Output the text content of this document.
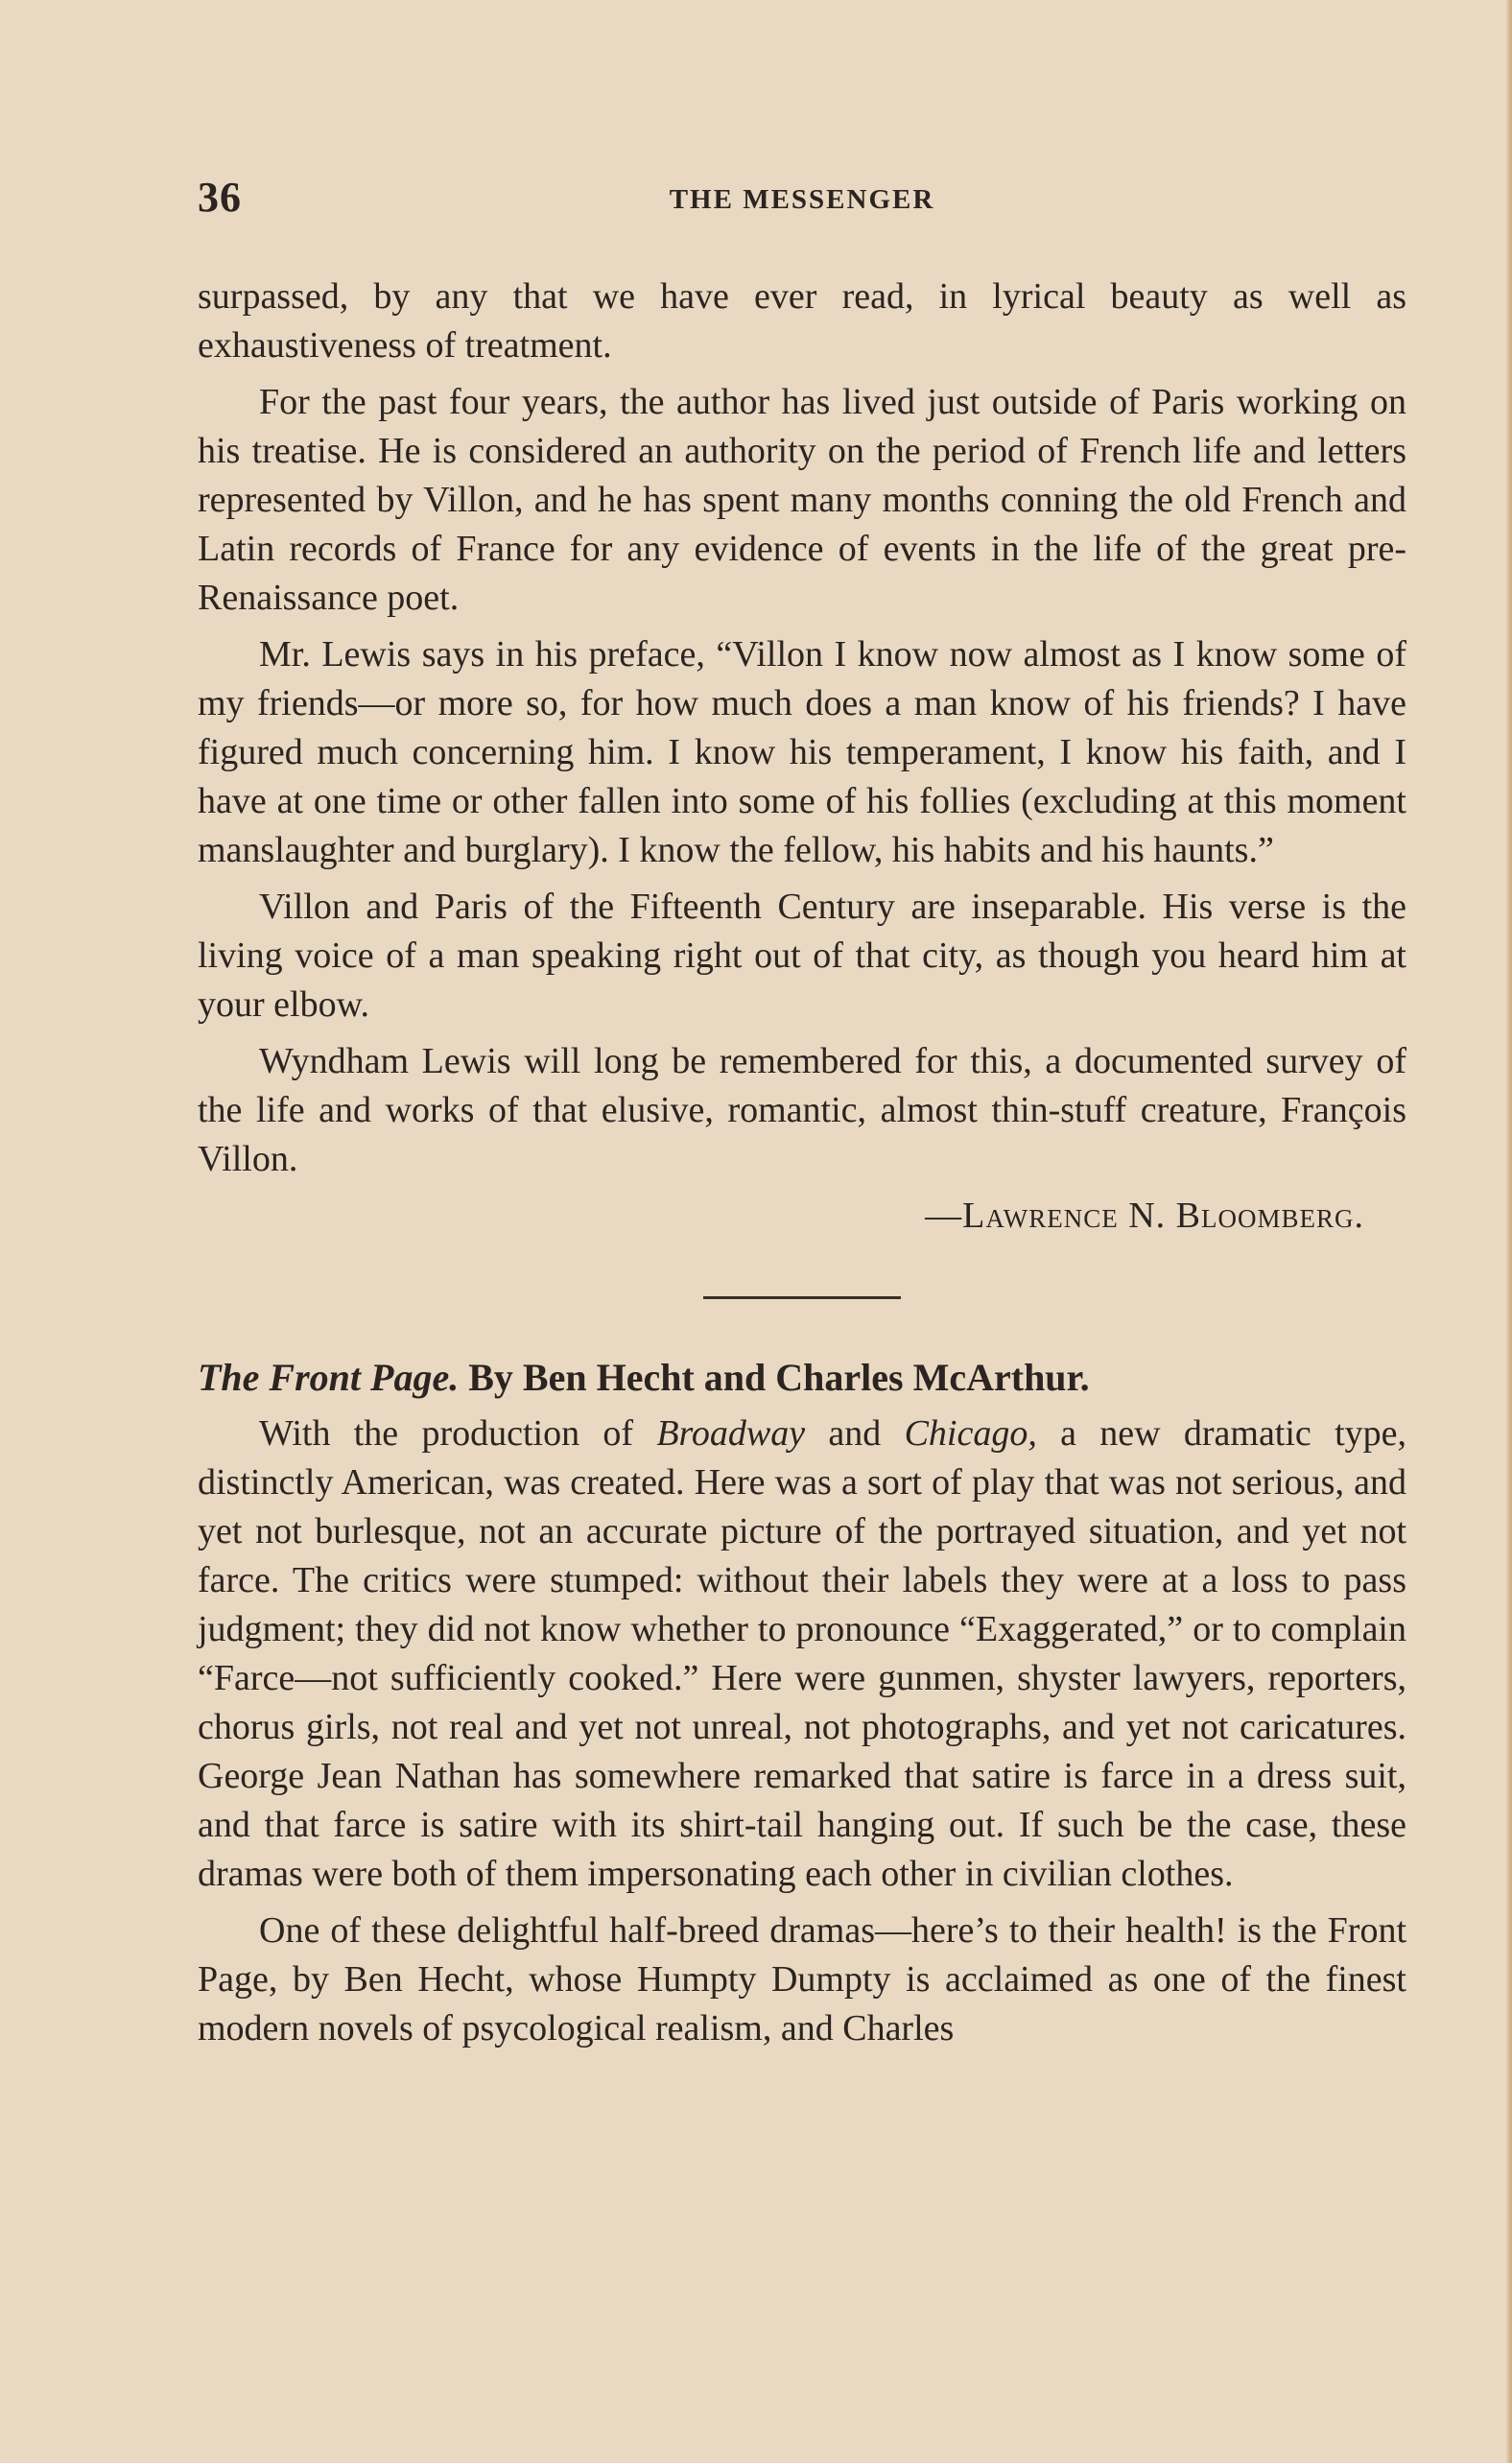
36	THE MESSENGER

surpassed, by any that we have ever read, in lyrical beauty as well as exhaustiveness of treatment.

For the past four years, the author has lived just outside of Paris working on his treatise. He is considered an authority on the period of French life and letters represented by Villon, and he has spent many months conning the old French and Latin records of France for any evidence of events in the life of the great pre-Renaissance poet.

Mr. Lewis says in his preface, “Villon I know now almost as I know some of my friends—or more so, for how much does a man know of his friends? I have figured much concerning him. I know his temperament, I know his faith, and I have at one time or other fallen into some of his follies (excluding at this moment manslaughter and burglary). I know the fellow, his habits and his haunts.”

Villon and Paris of the Fifteenth Century are inseparable. His verse is the living voice of a man speaking right out of that city, as though you heard him at your elbow.

Wyndham Lewis will long be remembered for this, a documented survey of the life and works of that elusive, romantic, almost thin-stuff creature, François Villon.

—Lawrence N. Bloomberg.

The Front Page. By Ben Hecht and Charles McArthur.

With the production of Broadway and Chicago, a new dramatic type, distinctly American, was created. Here was a sort of play that was not serious, and yet not burlesque, not an accurate picture of the portrayed situation, and yet not farce. The critics were stumped: without their labels they were at a loss to pass judgment; they did not know whether to pronounce “Exaggerated,” or to complain “Farce—not sufficiently cooked.” Here were gunmen, shyster lawyers, reporters, chorus girls, not real and yet not unreal, not photographs, and yet not caricatures. George Jean Nathan has somewhere remarked that satire is farce in a dress suit, and that farce is satire with its shirt-tail hanging out. If such be the case, these dramas were both of them impersonating each other in civilian clothes.

One of these delightful half-breed dramas—here’s to their health! is the Front Page, by Ben Hecht, whose Humpty Dumpty is acclaimed as one of the finest modern novels of psycological realism, and Charles
